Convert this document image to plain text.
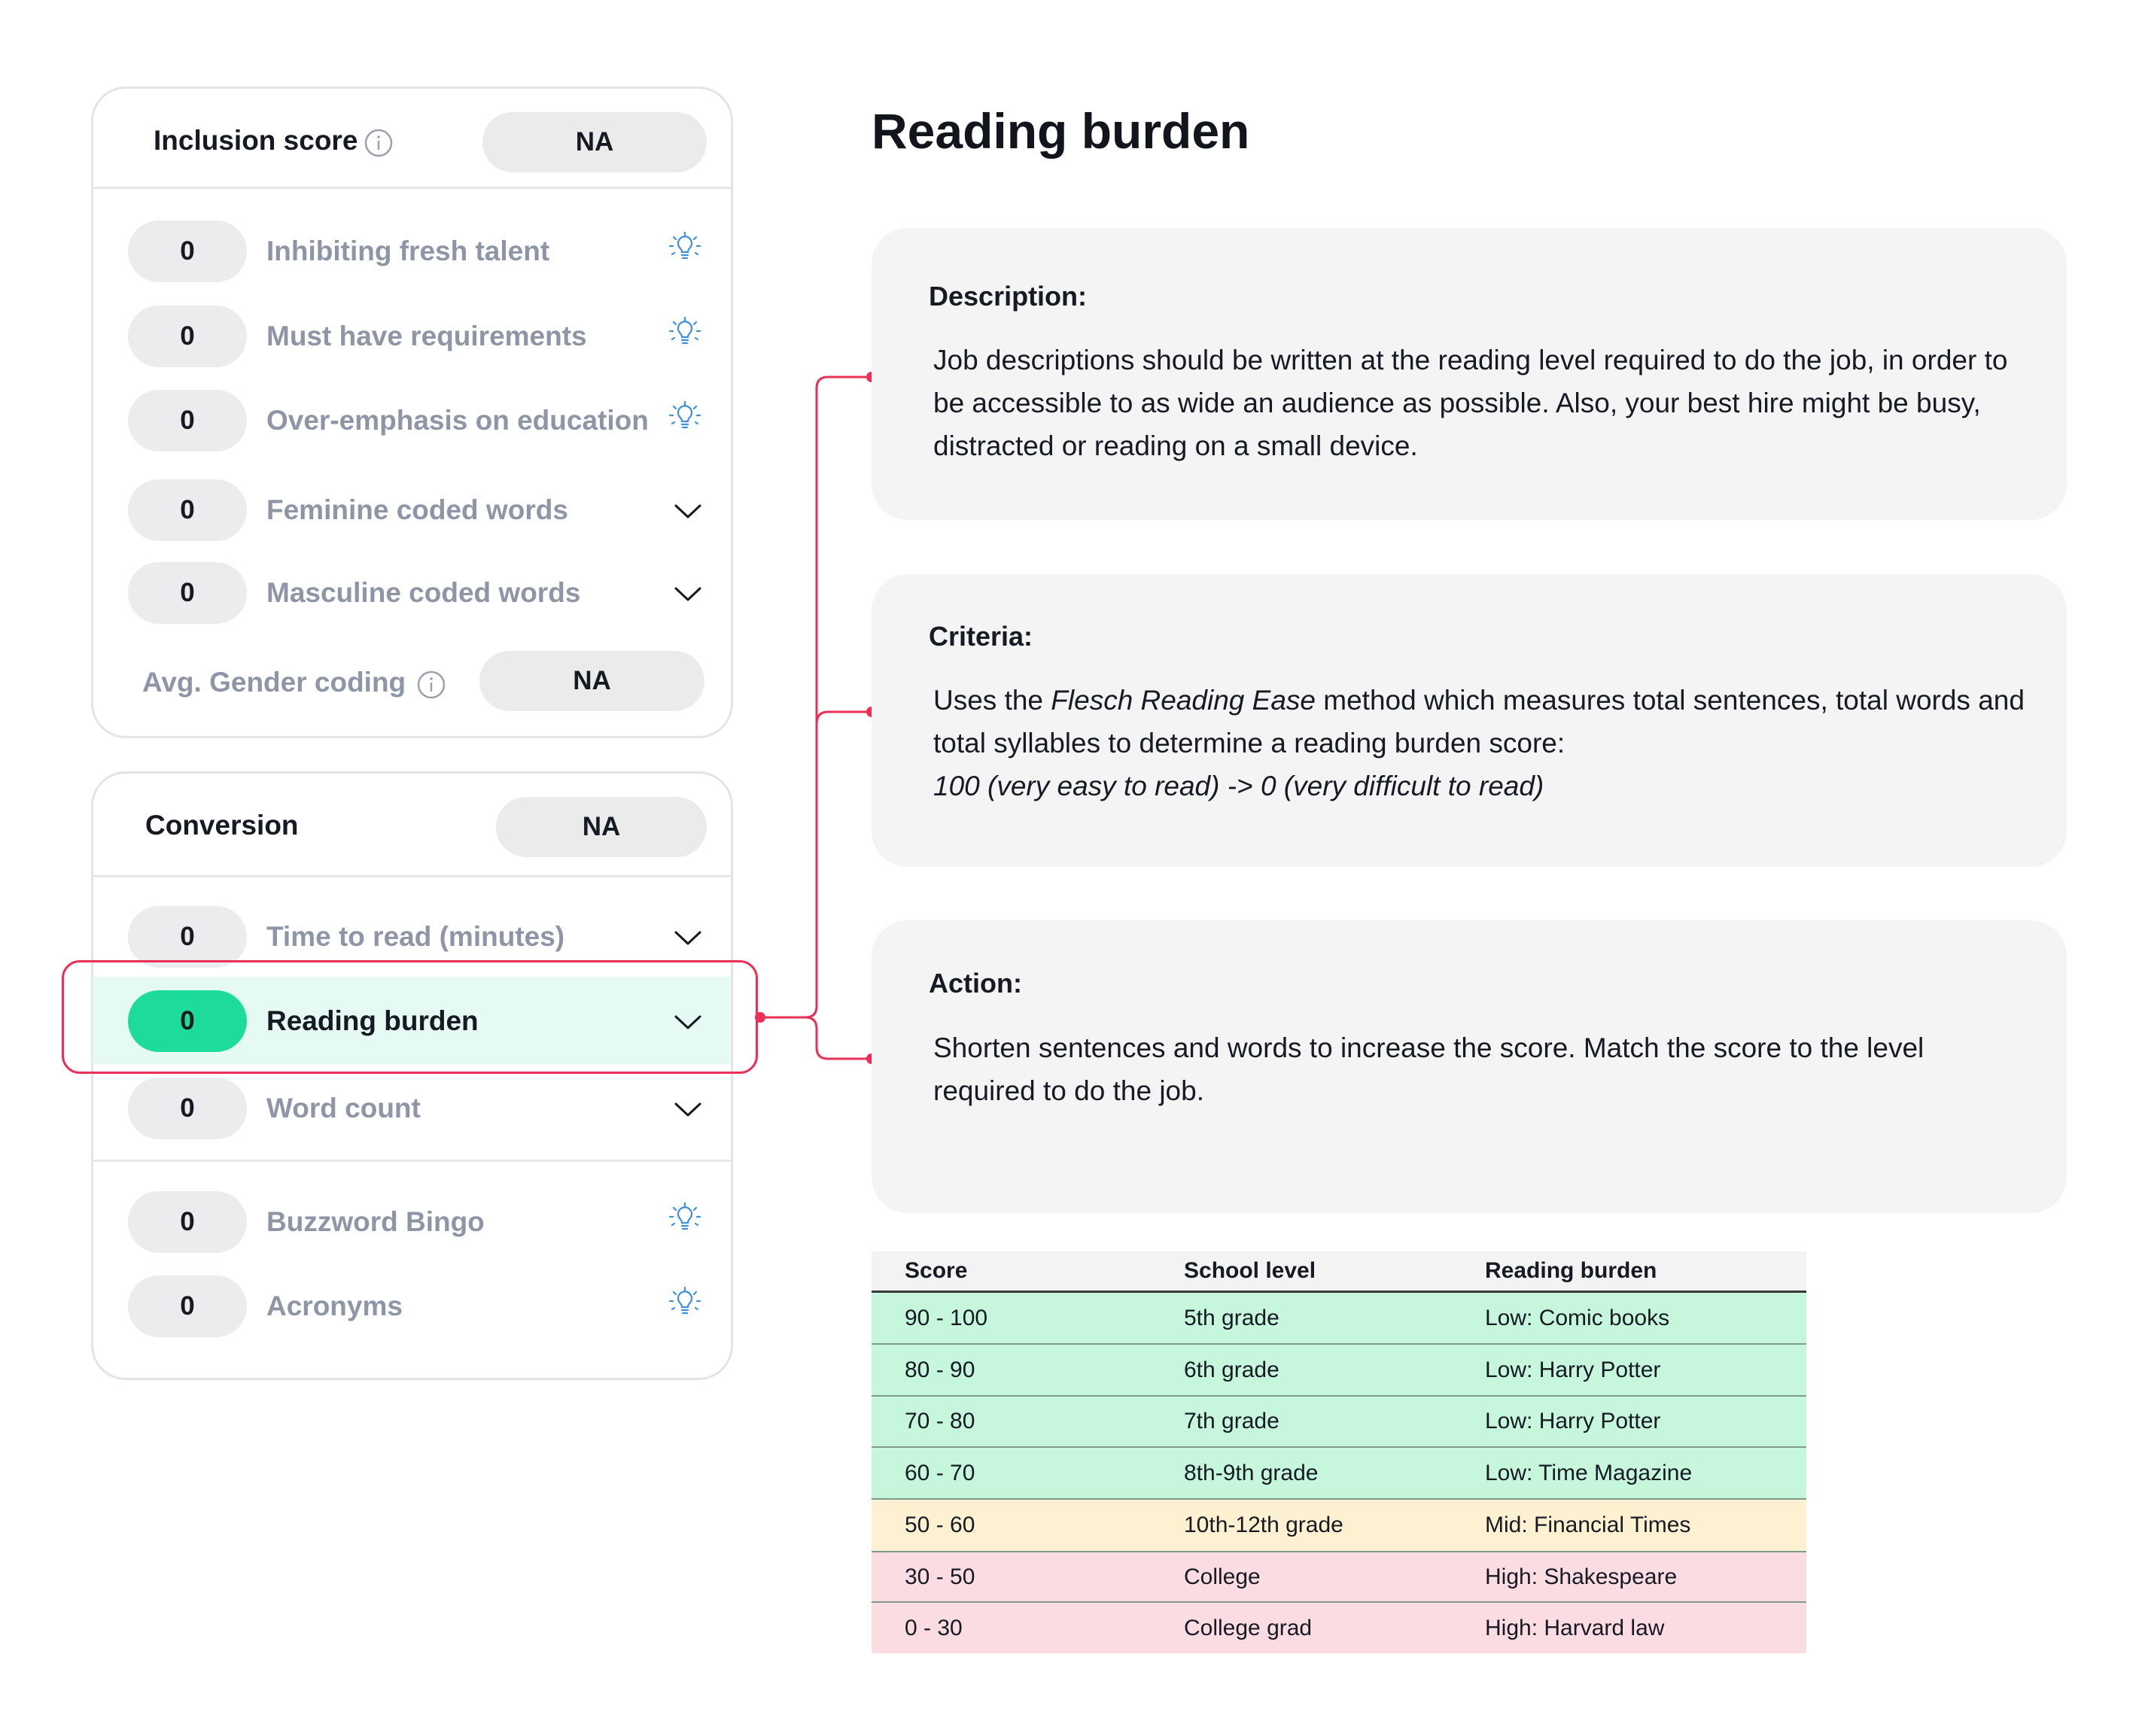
Inclusion score	NA
0	Inhibiting fresh talent
0	Must have requirements
0	Over-emphasis on education
0	Feminine coded words
0	Masculine coded words
Avg. Gender coding	NA
Conversion	NA
0	Time to read (minutes)
0	Reading burden
0	Word count
0	Buzzword Bingo
0	Acronyms
Reading burden
Description:
Job descriptions should be written at the reading level required to do the job, in order to be accessible to as wide an audience as possible. Also, your best hire might be busy, distracted or reading on a small device.
Criteria:
Uses the Flesch Reading Ease method which measures total sentences, total words and total syllables to determine a reading burden score:
100 (very easy to read) -> 0 (very difficult to read)
Action:
Shorten sentences and words to increase the score. Match the score to the level required to do the job.
Score	School level	Reading burden
90 - 100	5th grade	Low: Comic books
80 - 90	6th grade	Low: Harry Potter
70 - 80	7th grade	Low: Harry Potter
60 - 70	8th-9th grade	Low: Time Magazine
50 - 60	10th-12th grade	Mid: Financial Times
30 - 50	College	High: Shakespeare
0 - 30	College grad	High: Harvard law
